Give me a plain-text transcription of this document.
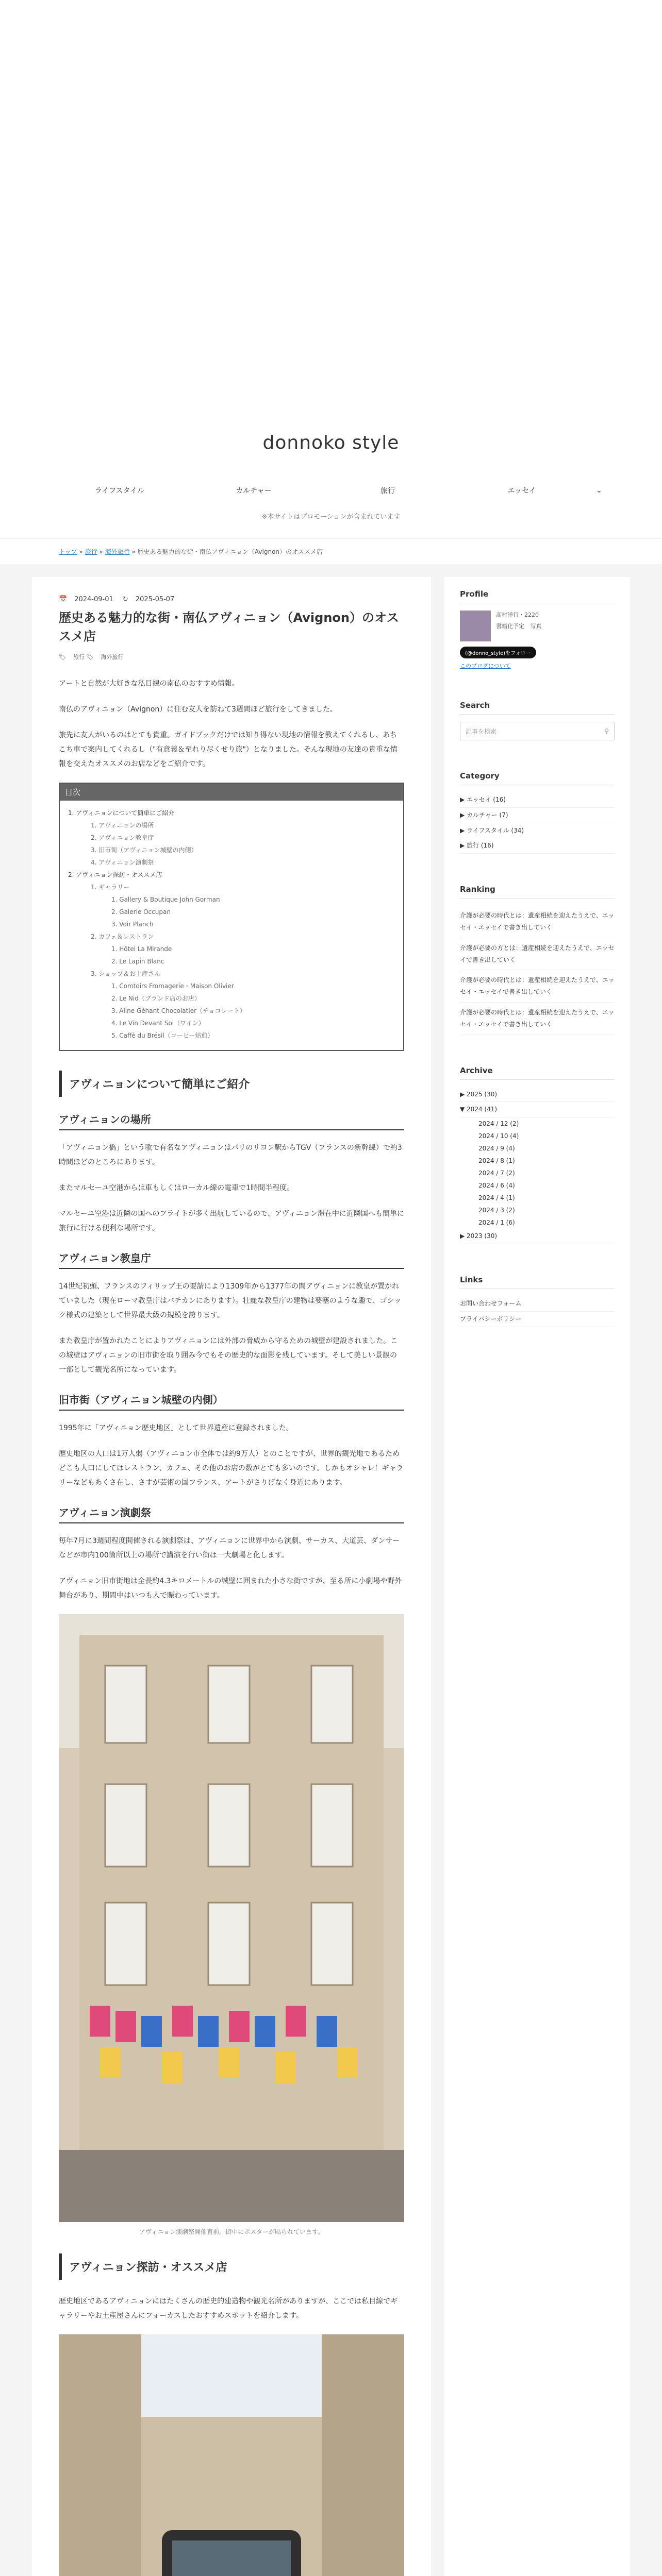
donnoko style
ライフスタイル	カルチャー	旅行	エッセイ	⌄
※本サイトはプロモーションが含まれています
トップ » 旅行 » 海外旅行 » 歴史ある魅力的な街・南仏アヴィニョン（Avignon）のオススメ店
📅 2024-09-01 ↻ 2025-05-07
歴史ある魅力的な街・南仏アヴィニョン（Avignon）のオススメ店
🏷 旅行 🏷 海外旅行

アートと自然が大好きな私目線の南仏のおすすめ情報。

南仏のアヴィニョン（Avignon）に住む友人を訪ねて3週間ほど旅行をしてきました。

旅先に友人がいるのはとても貴重。ガイドブックだけでは知り得ない現地の情報を教えてくれるし、あちこち車で案内してくれるし（"有意義＆至れり尽くせり旅"）となりました。そんな現地の友達の貴重な情報を交えたオススメのお店などをご紹介です。

目次
1. アヴィニョンについて簡単にご紹介
1. アヴィニョンの場所
2. アヴィニョン教皇庁
3. 旧市街（アヴィニョン城壁の内側）
4. アヴィニョン演劇祭
2. アヴィニョン探訪・オススメ店
1. ギャラリー
1. Gallery & Boutique John Gorman
2. Galerie Occupan
3. Voir Planch
2. カフェ＆レストラン
1. Hôtel La Mirande
2. Le Lapin Blanc
3. ショップ＆お土産さん
1. Comtoirs Fromagerie・Maison Olivier
2. Le Nid（ブランド店のお店）
3. Aline Géhant Chocolatier（チョコレート）
4. Le Vin Devant Soi（ワイン）
5. Caffè du Brésil（コーヒー焙煎）
アヴィニョンについて簡単にご紹介
アヴィニョンの場所

「アヴィニョン橋」という歌で有名なアヴィニョンはパリのリヨン駅からTGV（フランスの新幹線）で約3時間ほどのところにあります。

またマルセーユ空港からは車もしくはローカル線の電車で1時間半程度。

マルセーユ空港は近隣の国へのフライトが多く出航しているので、アヴィニョン滞在中に近隣国へも簡単に旅行に行ける便利な場所です。

アヴィニョン教皇庁

14世紀初頭、フランスのフィリップ王の要請により1309年から1377年の間アヴィニョンに教皇が置かれていました（現在ローマ教皇庁はバチカンにあります）。壮麗な教皇庁の建物は要塞のような趣で、ゴシック様式の建築として世界最大級の規模を誇ります。

また教皇庁が置かれたことによりアヴィニョンには外部の脅威から守るための城壁が建設されました。この城壁はアヴィニョンの旧市街を取り囲み今でもその歴史的な面影を残しています。そして美しい景観の一部として観光名所になっています。

旧市街（アヴィニョン城壁の内側）

1995年に「アヴィニョン歴史地区」として世界遺産に登録されました。

歴史地区の人口は1万人弱（アヴィニョン市全体では約9万人）とのことですが、世界的観光地であるためどこも人口にしてはレストラン、カフェ、その他のお店の数がとても多いのです。しかもオシャレ！ギャラリーなどもあくさ在し、さすが芸術の国フランス、アートがさりげなく身近にあります。

アヴィニョン演劇祭

毎年7月に3週間程度開催される演劇祭は、アヴィニョンに世界中から演劇、サーカス、大道芸、ダンサーなどが市内100箇所以上の場所で講演を行い街は一大劇場と化します。

アヴィニョン旧市街地は全長約4.3キロメートルの城壁に囲まれた小さな街ですが、至る所に小劇場や野外舞台があり、期間中はいつも人で賑わっています。

アヴィニョン演劇祭開催直前。街中にポスターが貼られています。
アヴィニョン探訪・オススメ店

歴史地区であるアヴィニョンにはたくさんの歴史的建造物や観光名所がありますが、ここでは私目線でギャラリーやお土産屋さんにフォーカスしたおすすめスポットを紹介します。

Profile
高村洋行・2220
書籍化予定 写真
(@donno_style)をフォロー
このブログについて
Search
記事を検索	⚲
Category
▶ エッセイ (16)
▶ カルチャー (7)
▶ ライフスタイル (34)
▶ 旅行 (16)
Ranking
介護が必要の時代とは：遺産相続を迎えたうえで、エッセイ・エッセイで書き出していく
介護が必要の方とは：遺産相続を迎えたうえで、エッセイで書き出していく
介護が必要の時代とは：遺産相続を迎えたうえで、エッセイ・エッセイで書き出していく
介護が必要の時代とは：遺産相続を迎えたうえで、エッセイ・エッセイで書き出していく
Archive
▶ 2025 (30)
▼ 2024 (41)
2024 / 12 (2)
2024 / 10 (4)
2024 / 9 (4)
2024 / 8 (1)
2024 / 7 (2)
2024 / 6 (4)
2024 / 4 (1)
2024 / 3 (2)
2024 / 1 (6)
▶ 2023 (30)
Links
お問い合わせフォーム
プライバシーポリシー
